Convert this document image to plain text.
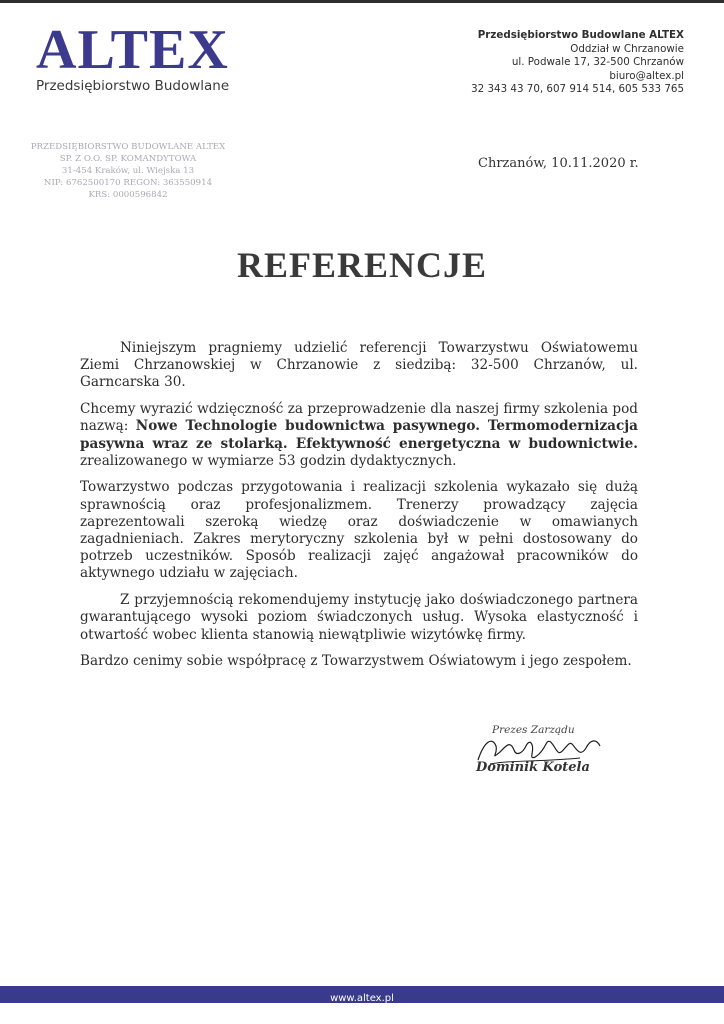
ALTEX
Przedsiębiorstwo Budowlane
Przedsiębiorstwo Budowlane ALTEX
Oddział w Chrzanowie
ul. Podwale 17, 32-500 Chrzanów
biuro@altex.pl
32 343 43 70, 607 914 514, 605 533 765
PRZEDSIĘBIORSTWO BUDOWLANE ALTEX
SP. Z O.O. SP. KOMANDYTOWA
31-454 Kraków, ul. Wiejska 13
NIP: 6762500170 REGON: 363550914
KRS: 0000596842
Chrzanów, 10.11.2020 r.
REFERENCJE

Niniejszym pragniemy udzielić referencji Towarzystwu Oświatowemu Ziemi Chrzanowskiej w Chrzanowie z siedzibą: 32-500 Chrzanów, ul. Garncarska 30.

Chcemy wyrazić wdzięczność za przeprowadzenie dla naszej firmy szkolenia pod nazwą: Nowe Technologie budownictwa pasywnego. Termomodernizacja pasywna wraz ze stolarką. Efektywność energetyczna w budownictwie. zrealizowanego w wymiarze 53 godzin dydaktycznych.

Towarzystwo podczas przygotowania i realizacji szkolenia wykazało się dużą sprawnością oraz profesjonalizmem. Trenerzy prowadzący zajęcia zaprezentowali szeroką wiedzę oraz doświadczenie w omawianych zagadnieniach. Zakres merytoryczny szkolenia był w pełni dostosowany do potrzeb uczestników. Sposób realizacji zajęć angażował pracowników do aktywnego udziału w zajęciach.

Z przyjemnością rekomendujemy instytucję jako doświadczonego partnera gwarantującego wysoki poziom świadczonych usług. Wysoka elastyczność i otwartość wobec klienta stanowią niewątpliwie wizytówkę firmy.

Bardzo cenimy sobie współpracę z Towarzystwem Oświatowym i jego zespołem.

Prezes Zarządu
Dominik Kotela
www.altex.pl
